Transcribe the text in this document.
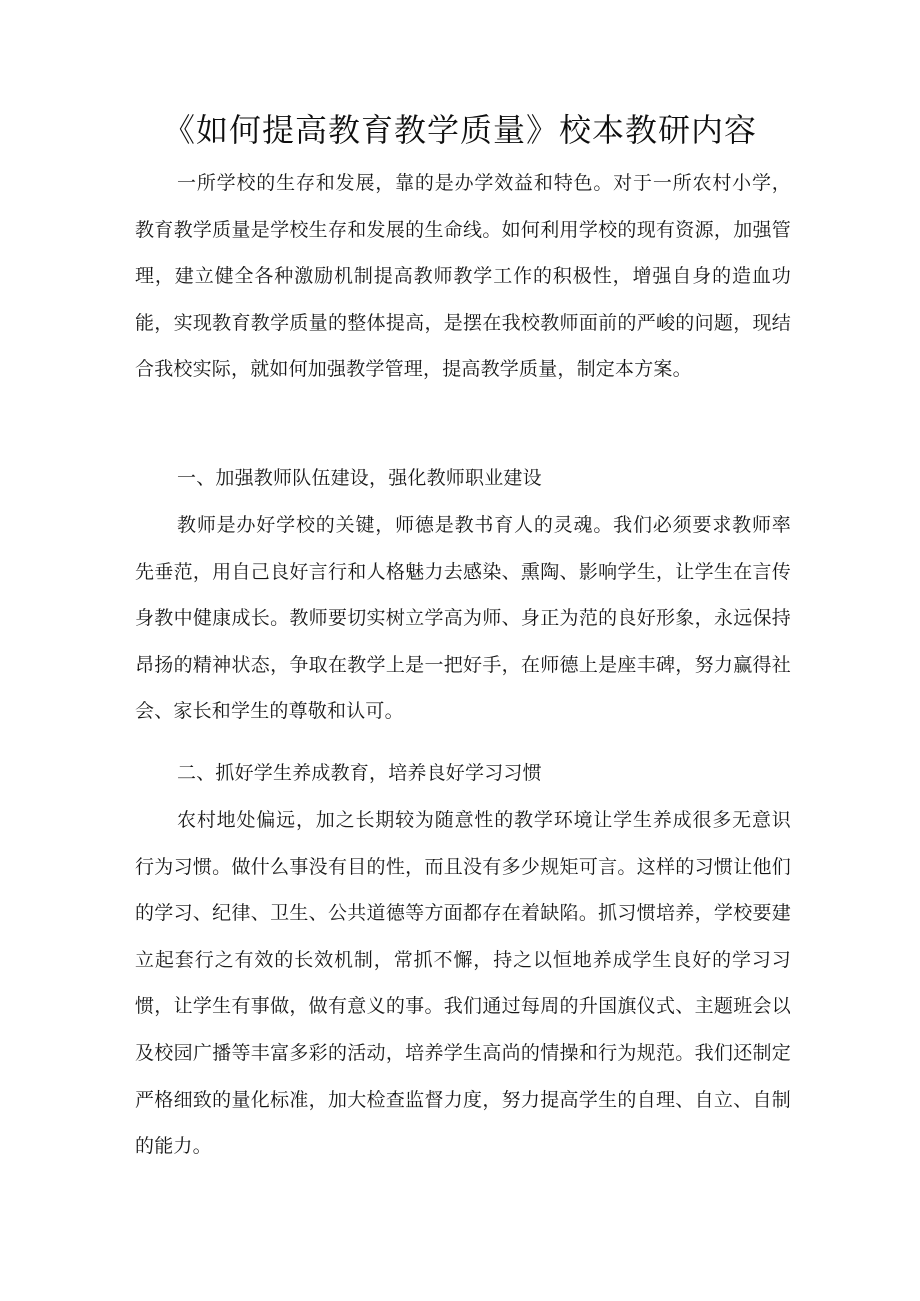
《如何提高教育教学质量》校本教研内容

一所学校的生存和发展，靠的是办学效益和特色。对于一所农村小学，教育教学质量是学校生存和发展的生命线。如何利用学校的现有资源，加强管理，建立健全各种激励机制提高教师教学工作的积极性，增强自身的造血功能，实现教育教学质量的整体提高，是摆在我校教师面前的严峻的问题，现结合我校实际，就如何加强教学管理，提高教学质量，制定本方案。

一、加强教师队伍建设，强化教师职业建设

教师是办好学校的关键，师德是教书育人的灵魂。我们必须要求教师率先垂范，用自己良好言行和人格魅力去感染、熏陶、影响学生，让学生在言传身教中健康成长。教师要切实树立学高为师、身正为范的良好形象，永远保持昂扬的精神状态，争取在教学上是一把好手，在师德上是座丰碑，努力赢得社会、家长和学生的尊敬和认可。

二、抓好学生养成教育，培养良好学习习惯

农村地处偏远，加之长期较为随意性的教学环境让学生养成很多无意识行为习惯。做什么事没有目的性，而且没有多少规矩可言。这样的习惯让他们的学习、纪律、卫生、公共道德等方面都存在着缺陷。抓习惯培养，学校要建立起套行之有效的长效机制，常抓不懈，持之以恒地养成学生良好的学习习惯，让学生有事做，做有意义的事。我们通过每周的升国旗仪式、主题班会以及校园广播等丰富多彩的活动，培养学生高尚的情操和行为规范。我们还制定严格细致的量化标准，加大检查监督力度，努力提高学生的自理、自立、自制的能力。
